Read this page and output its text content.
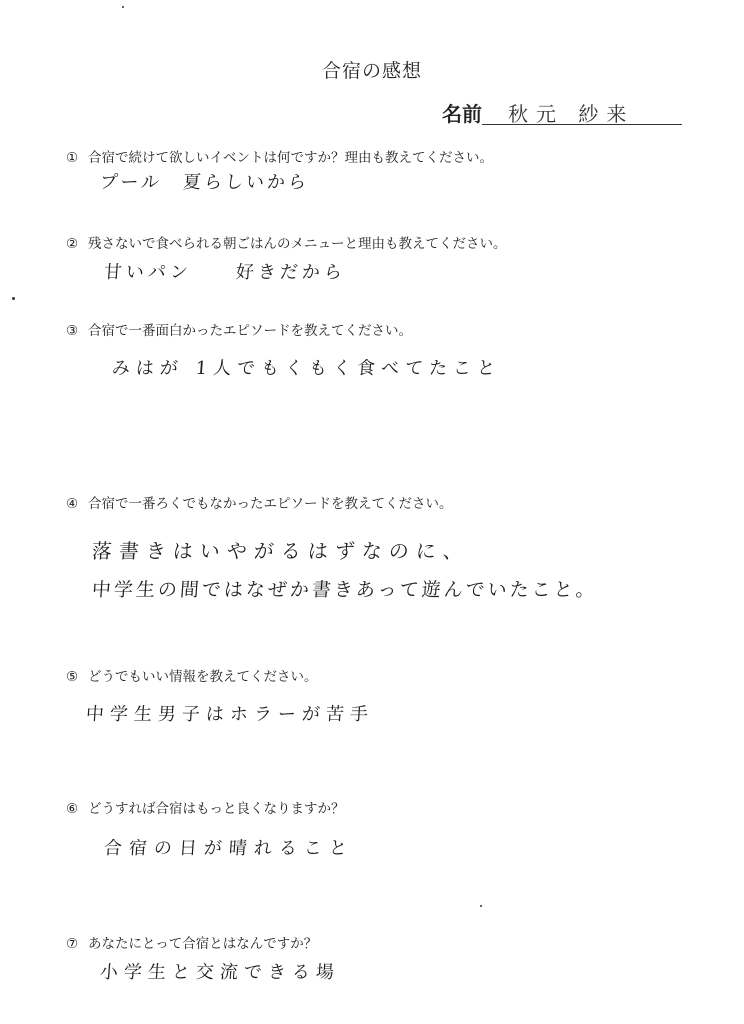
合宿の感想
名前 秋元 紗来
① 合宿で続けて欲しいイベントは何ですか？理由も教えてください。
プール　夏らしいから
② 残さないで食べられる朝ごはんのメニューと理由も教えてください。
甘いパン　　好きだから
③ 合宿で一番面白かったエピソードを教えてください。
みはが 1人でもくもく食べてたこと
④ 合宿で一番ろくでもなかったエピソードを教えてください。
落書きはいやがるはずなのに、
中学生の間ではなぜか書きあって遊んでいたこと。
⑤ どうでもいい情報を教えてください。
中学生男子はホラーが苦手
⑥ どうすれば合宿はもっと良くなりますか？
合宿の日が晴れること
⑦ あなたにとって合宿とはなんですか？
小学生と交流できる場
